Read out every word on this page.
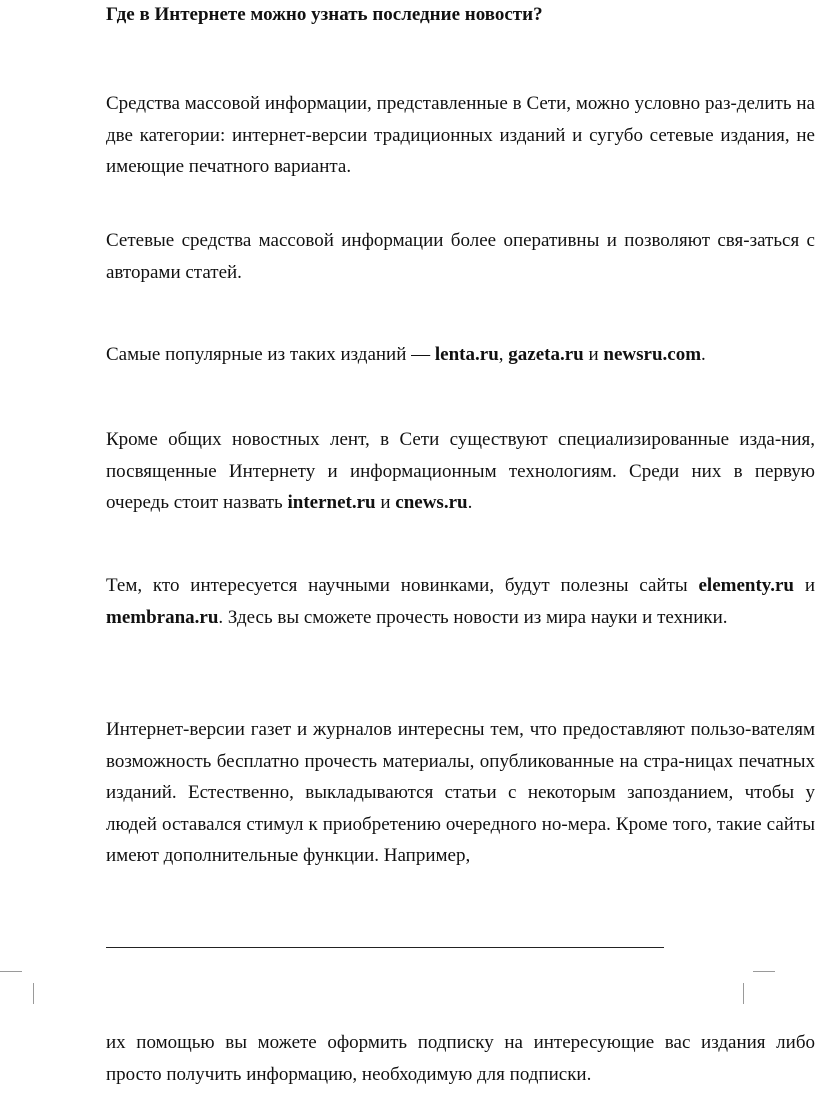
Где в Интернете можно узнать последние новости?

Средства массовой информации, представленные в Сети, можно условно раз-делить на две категории: интернет-версии традиционных изданий и сугубо сетевые издания, не имеющие печатного варианта.

Сетевые средства массовой информации более оперативны и позволяют свя-заться с авторами статей.

Самые популярные из таких изданий — lenta.ru, gazeta.ru и newsru.com.

Кроме общих новостных лент, в Сети существуют специализированные изда-ния, посвященные Интернету и информационным технологиям. Среди них в первую очередь стоит назвать internet.ru и cnews.ru.

Тем, кто интересуется научными новинками, будут полезны сайты elementy.ru и membrana.ru. Здесь вы сможете прочесть новости из мира науки и техники.

Интернет-версии газет и журналов интересны тем, что предоставляют пользо-вателям возможность бесплатно прочесть материалы, опубликованные на стра-ницах печатных изданий. Естественно, выкладываются статьи с некоторым запозданием, чтобы у людей оставался стимул к приобретению очередного но-мера. Кроме того, такие сайты имеют дополнительные функции. Например,

их помощью вы можете оформить подписку на интересующие вас издания либо просто получить информацию, необходимую для подписки.
